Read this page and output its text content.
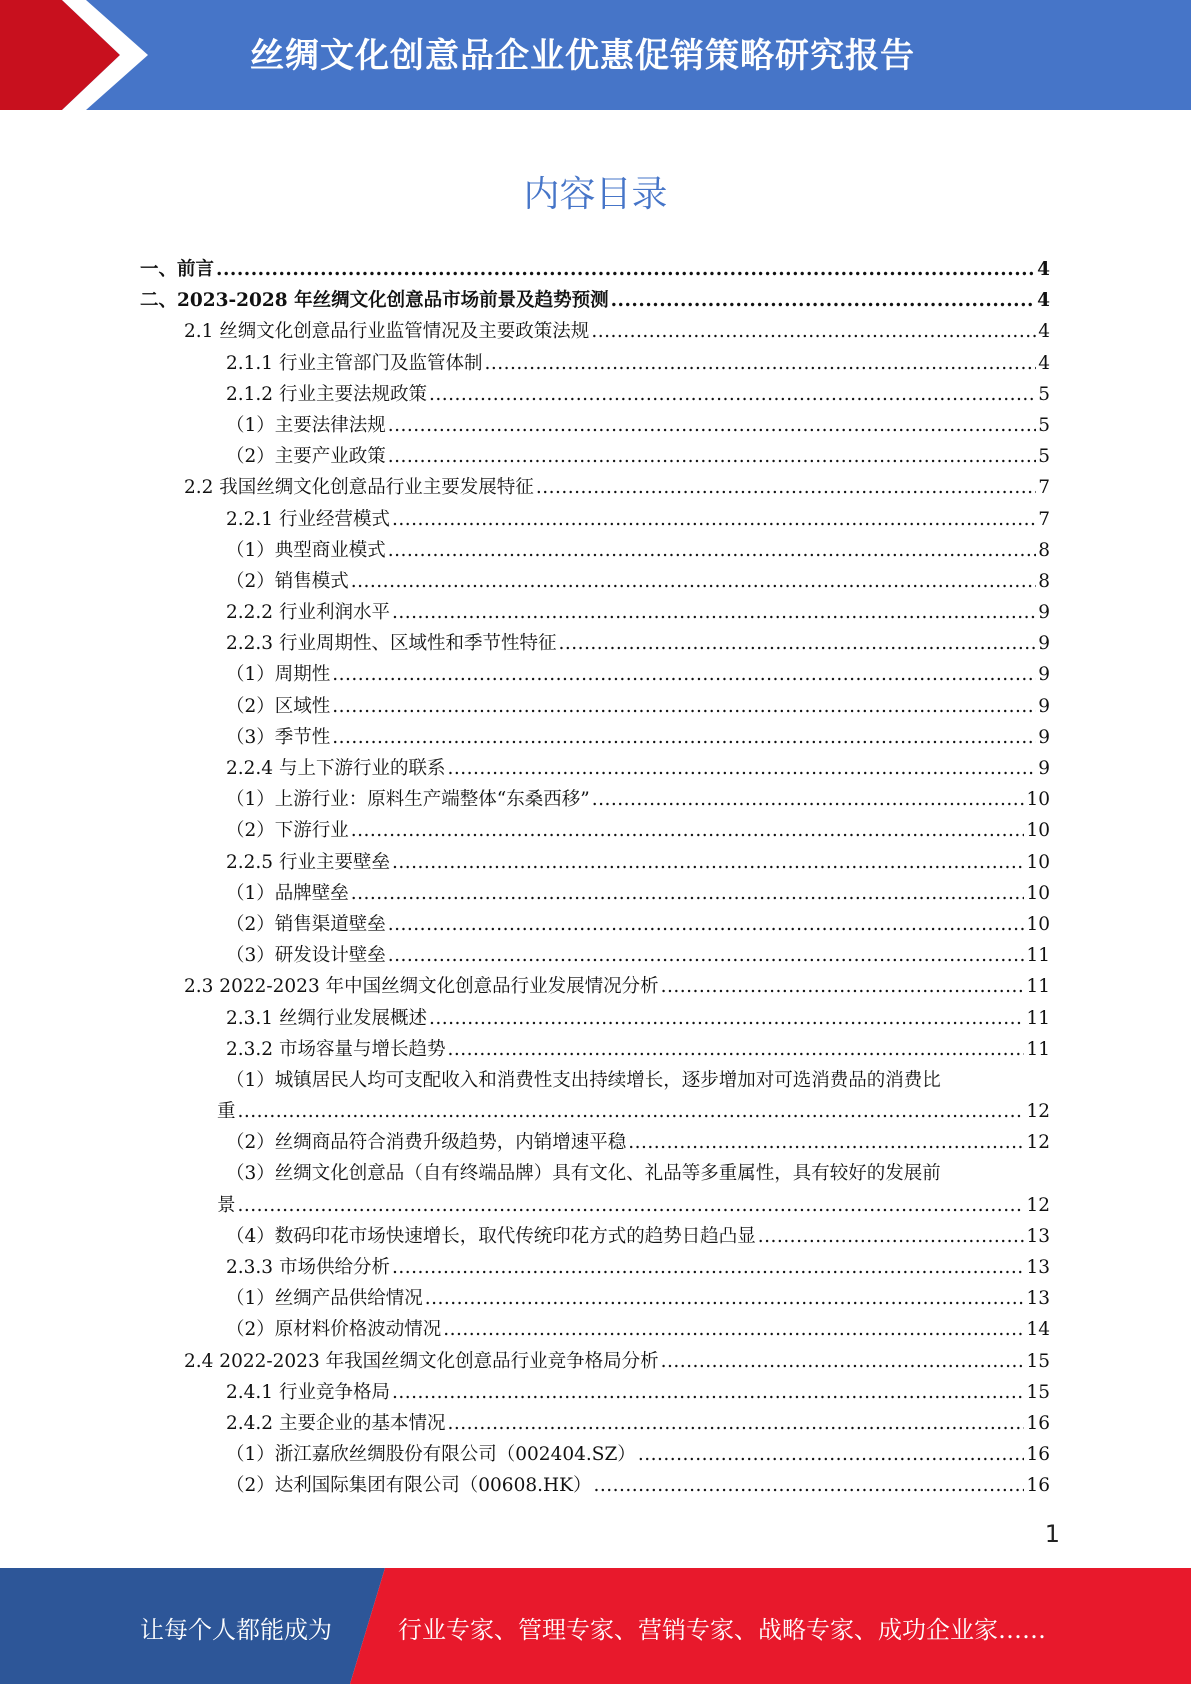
丝绸文化创意品企业优惠促销策略研究报告
内容目录
一、前言 .....	4
二、2023-2028 年丝绸文化创意品市场前景及趋势预测 .....	4
2.1 丝绸文化创意品行业监管情况及主要政策法规 .....	4
2.1.1 行业主管部门及监管体制 .....	4
2.1.2 行业主要法规政策 .....	5
（1）主要法律法规 .....	5
（2）主要产业政策 .....	5
2.2 我国丝绸文化创意品行业主要发展特征 .....	7
2.2.1 行业经营模式 .....	7
（1）典型商业模式 .....	8
（2）销售模式 .....	8
2.2.2 行业利润水平 .....	9
2.2.3 行业周期性、区域性和季节性特征 .....	9
（1）周期性 .....	9
（2）区域性 .....	9
（3）季节性 .....	9
2.2.4 与上下游行业的联系 .....	9
（1）上游行业：原料生产端整体“东桑西移” .....	10
（2）下游行业 .....	10
2.2.5 行业主要壁垒 .....	10
（1）品牌壁垒 .....	10
（2）销售渠道壁垒 .....	10
（3）研发设计壁垒 .....	11
2.3 2022-2023 年中国丝绸文化创意品行业发展情况分析 .....	11
2.3.1 丝绸行业发展概述 .....	11
2.3.2 市场容量与增长趋势 .....	11
（1）城镇居民人均可支配收入和消费性支出持续增长，逐步增加对可选消费品的消费比
重 .....	12
（2）丝绸商品符合消费升级趋势，内销增速平稳 .....	12
（3）丝绸文化创意品（自有终端品牌）具有文化、礼品等多重属性，具有较好的发展前
景 .....	12
（4）数码印花市场快速增长，取代传统印花方式的趋势日趋凸显 .....	13
2.3.3 市场供给分析 .....	13
（1）丝绸产品供给情况 .....	13
（2）原材料价格波动情况 .....	14
2.4 2022-2023 年我国丝绸文化创意品行业竞争格局分析 .....	15
2.4.1 行业竞争格局 .....	15
2.4.2 主要企业的基本情况 .....	16
（1）浙江嘉欣丝绸股份有限公司（002404.SZ） .....	16
（2）达利国际集团有限公司（00608.HK） .....	16
1
让每个人都能成为	行业专家、管理专家、营销专家、战略专家、成功企业家……
